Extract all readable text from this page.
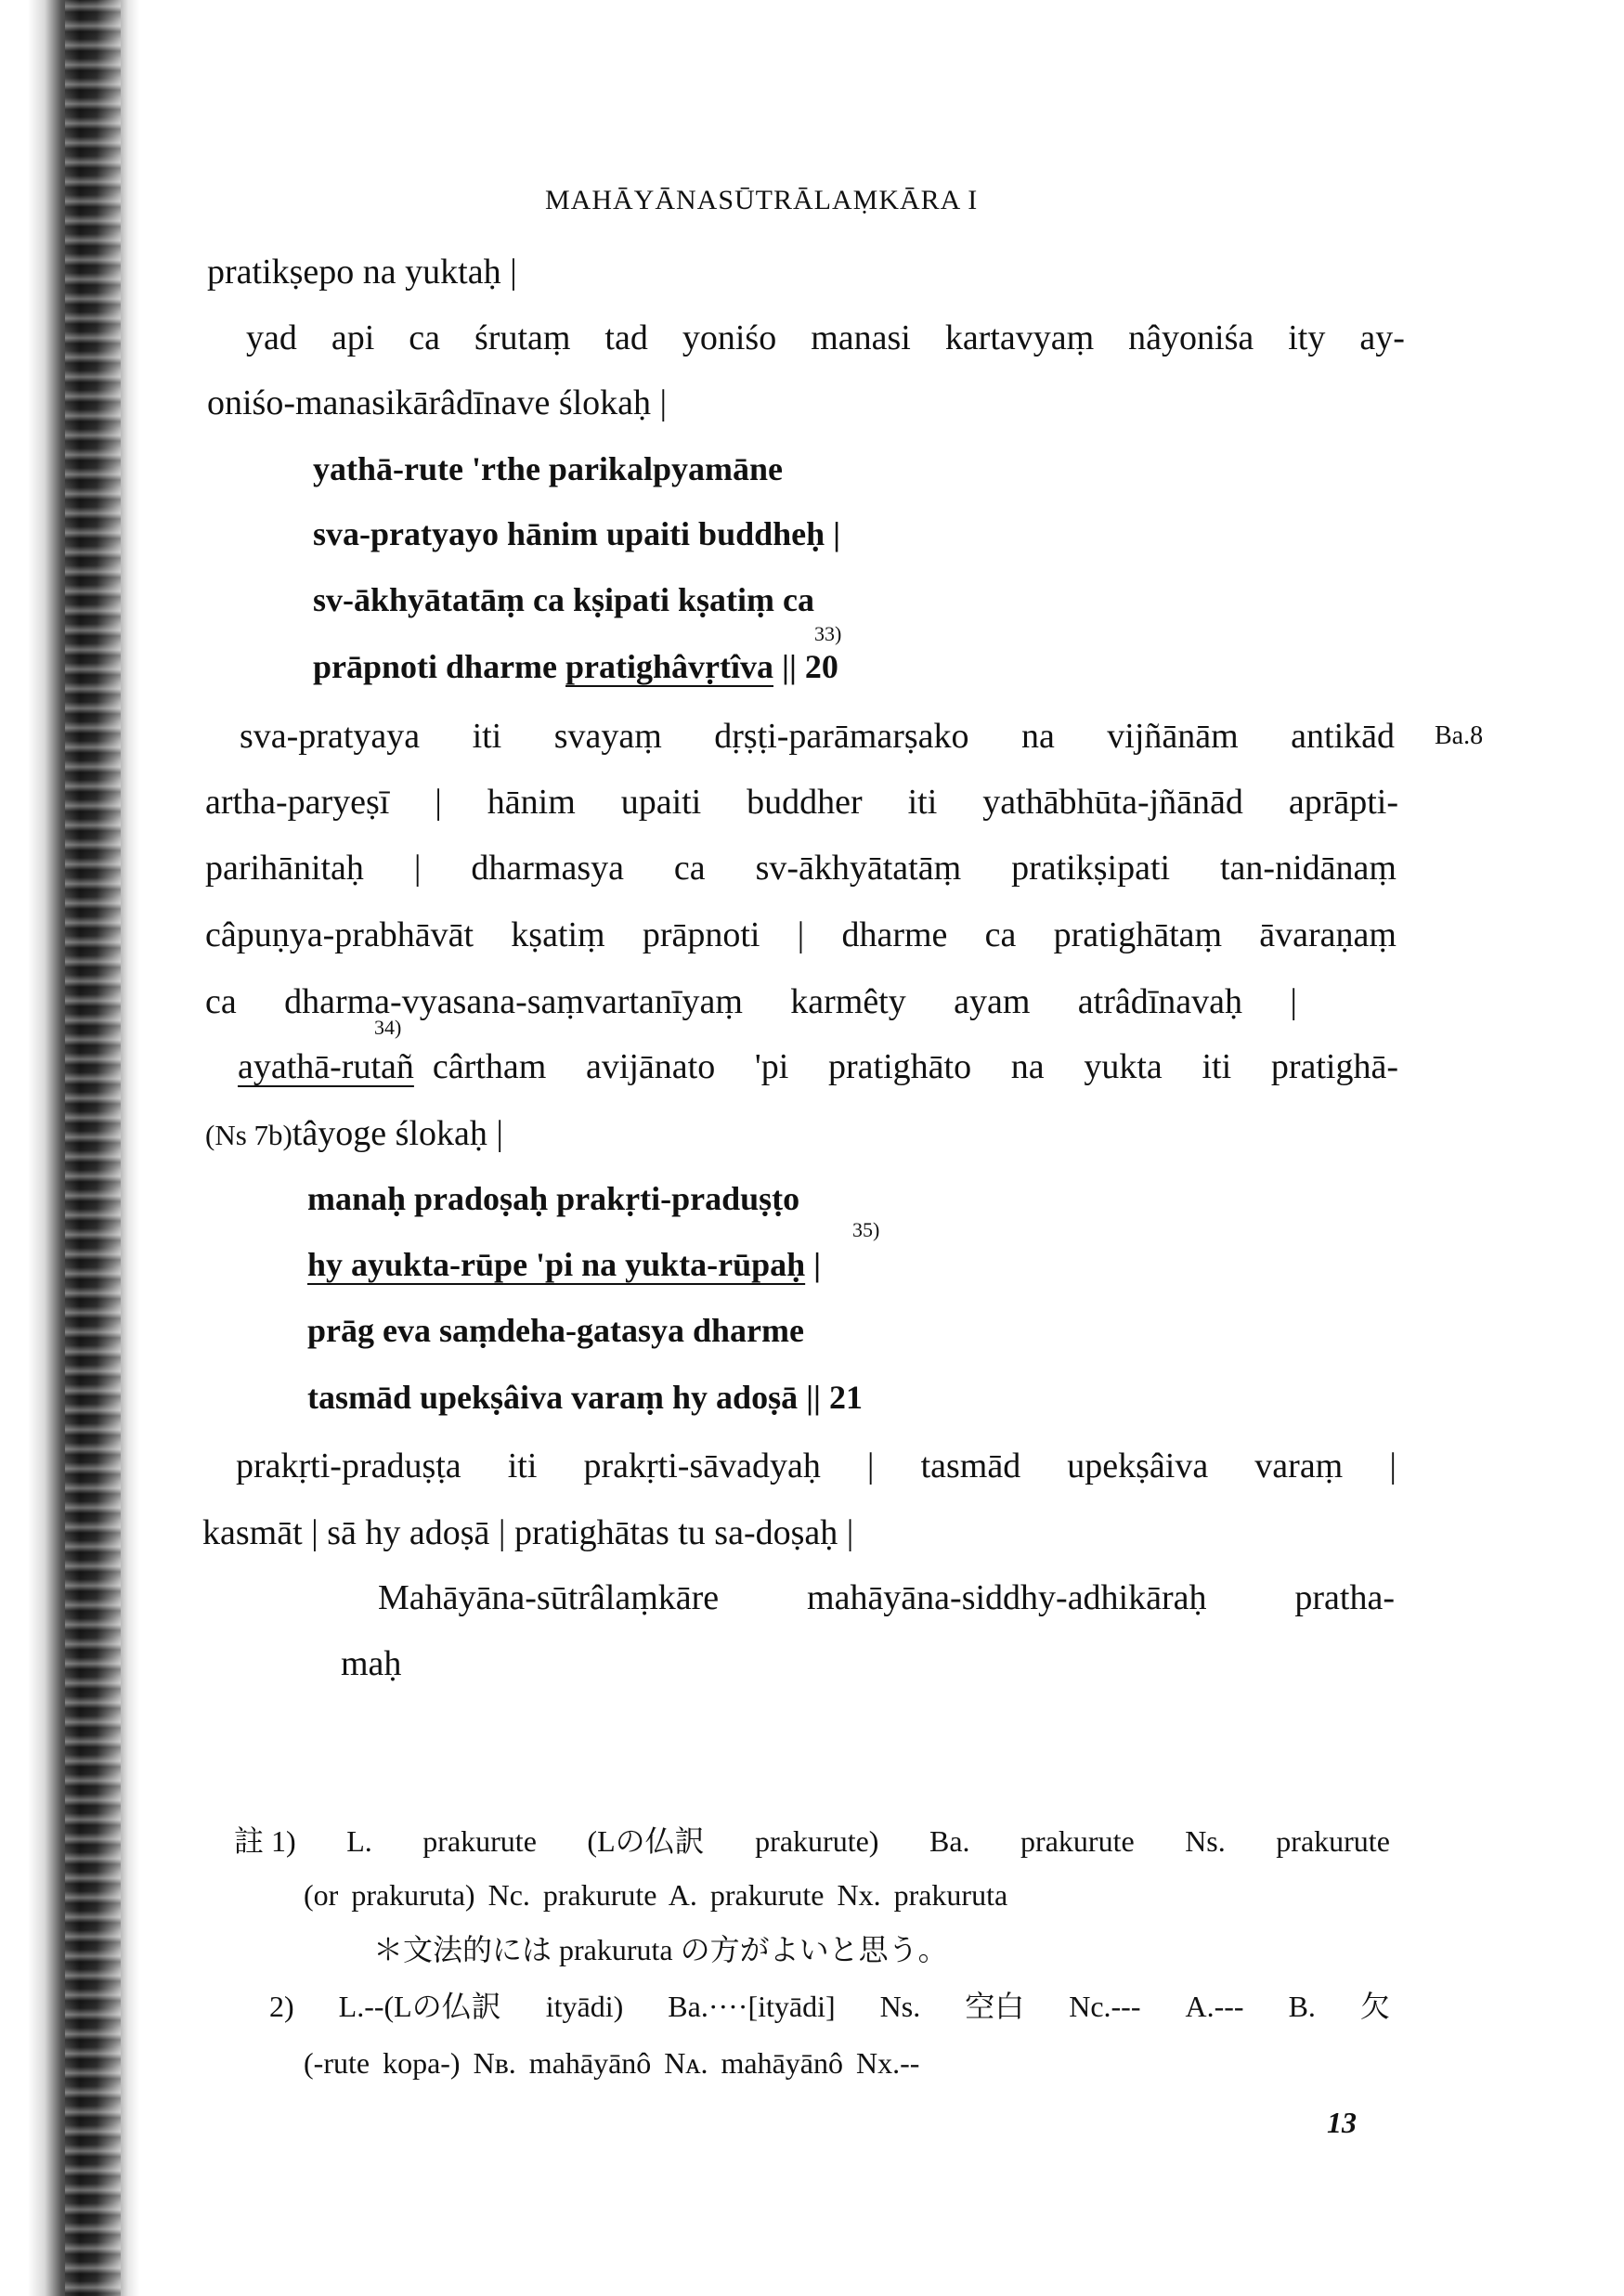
MAHĀYĀNASŪTRĀLAṂKĀRA I
pratikṣepo na yuktaḥ |
yad api ca śrutaṃ tad yoniśo manasi kartavyaṃ nâyoniśa ity ay-
oniśo-manasikārâdīnave ślokaḥ |
yathā-rute 'rthe parikalpyamāne
sva-pratyayo hānim upaiti buddheḥ |
sv-ākhyātatāṃ ca kṣipati kṣatiṃ ca
33)
prāpnoti dharme pratighâvṛtîva || 20
Ba.8
sva-pratyaya iti svayaṃ dṛṣṭi-parāmarṣako na vijñānām antikād
artha-paryeṣī | hānim upaiti buddher iti yathābhūta-jñānād aprāpti-
parihānitaḥ | dharmasya ca sv-ākhyātatāṃ pratikṣipati tan-nidānaṃ
câpuṇya-prabhāvāt kṣatiṃ prāpnoti | dharme ca pratighātaṃ āvaraṇaṃ
ca dharma-vyasana-saṃvartanīyaṃ karmêty ayam atrâdīnavaḥ |
34)
ayathā-rutañ cârtham avijānato 'pi pratighāto na yukta iti pratighā-
(Ns 7b)tâyoge ślokaḥ |
manaḥ pradoṣaḥ prakṛti-praduṣṭo
35)
hy ayukta-rūpe 'pi na yukta-rūpaḥ |
prāg eva saṃdeha-gatasya dharme
tasmād upekṣâiva varaṃ hy adoṣā || 21
prakṛti-praduṣṭa iti prakṛti-sāvadyaḥ | tasmād upekṣâiva varaṃ |
kasmāt | sā hy adoṣā | pratighātas tu sa-doṣaḥ |
Mahāyāna-sūtrâlaṃkāre mahāyāna-siddhy-adhikāraḥ pratha-
maḥ
註 1) L. prakurute (Lの仏訳 prakurute) Ba. prakurute Ns. prakurute
(or prakuruta) Nc. prakurute A. prakurute Nx. prakuruta
＊文法的には prakuruta の方がよいと思う。
2) L.--(Lの仏訳 ityādi) Ba.····[ityādi] Ns. 空白 Nc.--- A.--- B. 欠
(-rute kopa-) Nʙ. mahāyānô Nᴀ. mahāyānô Nx.--
13
